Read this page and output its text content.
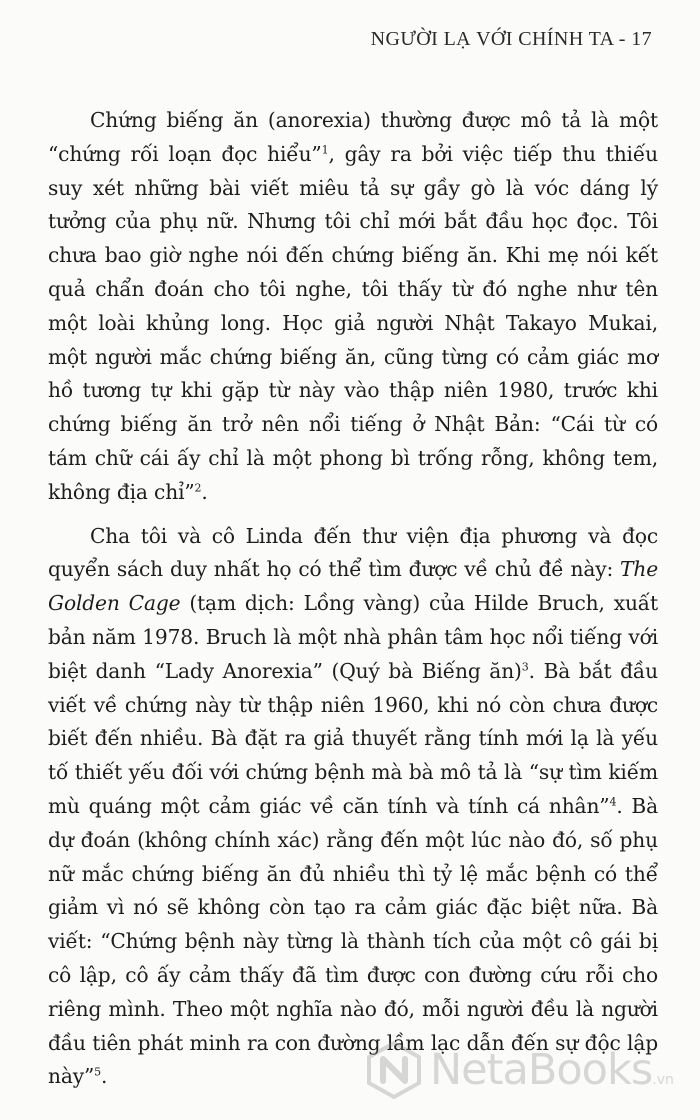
NGƯỜI LẠ VỚI CHÍNH TA - 17

Chứng biếng ăn (anorexia) thường được mô tả là một “chứng rối loạn đọc hiểu”$^1$, gây ra bởi việc tiếp thu thiếu suy xét những bài viết miêu tả sự gầy gò là vóc dáng lý tưởng của phụ nữ. Nhưng tôi chỉ mới bắt đầu học đọc. Tôi chưa bao giờ nghe nói đến chứng biếng ăn. Khi mẹ nói kết quả chẩn đoán cho tôi nghe, tôi thấy từ đó nghe như tên một loài khủng long. Học giả người Nhật Takayo Mukai, một người mắc chứng biếng ăn, cũng từng có cảm giác mơ hồ tương tự khi gặp từ này vào thập niên 1980, trước khi chứng biếng ăn trở nên nổi tiếng ở Nhật Bản: “Cái từ có tám chữ cái ấy chỉ là một phong bì trống rỗng, không tem, không địa chỉ”$^2$.

Cha tôi và cô Linda đến thư viện địa phương và đọc quyển sách duy nhất họ có thể tìm được về chủ đề này: The Golden Cage (tạm dịch: Lồng vàng) của Hilde Bruch, xuất bản năm 1978. Bruch là một nhà phân tâm học nổi tiếng với biệt danh “Lady Anorexia” (Quý bà Biếng ăn)$^3$. Bà bắt đầu viết về chứng này từ thập niên 1960, khi nó còn chưa được biết đến nhiều. Bà đặt ra giả thuyết rằng tính mới lạ là yếu tố thiết yếu đối với chứng bệnh mà bà mô tả là “sự tìm kiếm mù quáng một cảm giác về căn tính và tính cá nhân”$^4$. Bà dự đoán (không chính xác) rằng đến một lúc nào đó, số phụ nữ mắc chứng biếng ăn đủ nhiều thì tỷ lệ mắc bệnh có thể giảm vì nó sẽ không còn tạo ra cảm giác đặc biệt nữa. Bà viết: “Chứng bệnh này từng là thành tích của một cô gái bị cô lập, cô ấy cảm thấy đã tìm được con đường cứu rỗi cho riêng mình. Theo một nghĩa nào đó, mỗi người đều là người đầu tiên phát minh ra con đường lầm lạc dẫn đến sự độc lập này”$^5$.	NetaBooks.vn
